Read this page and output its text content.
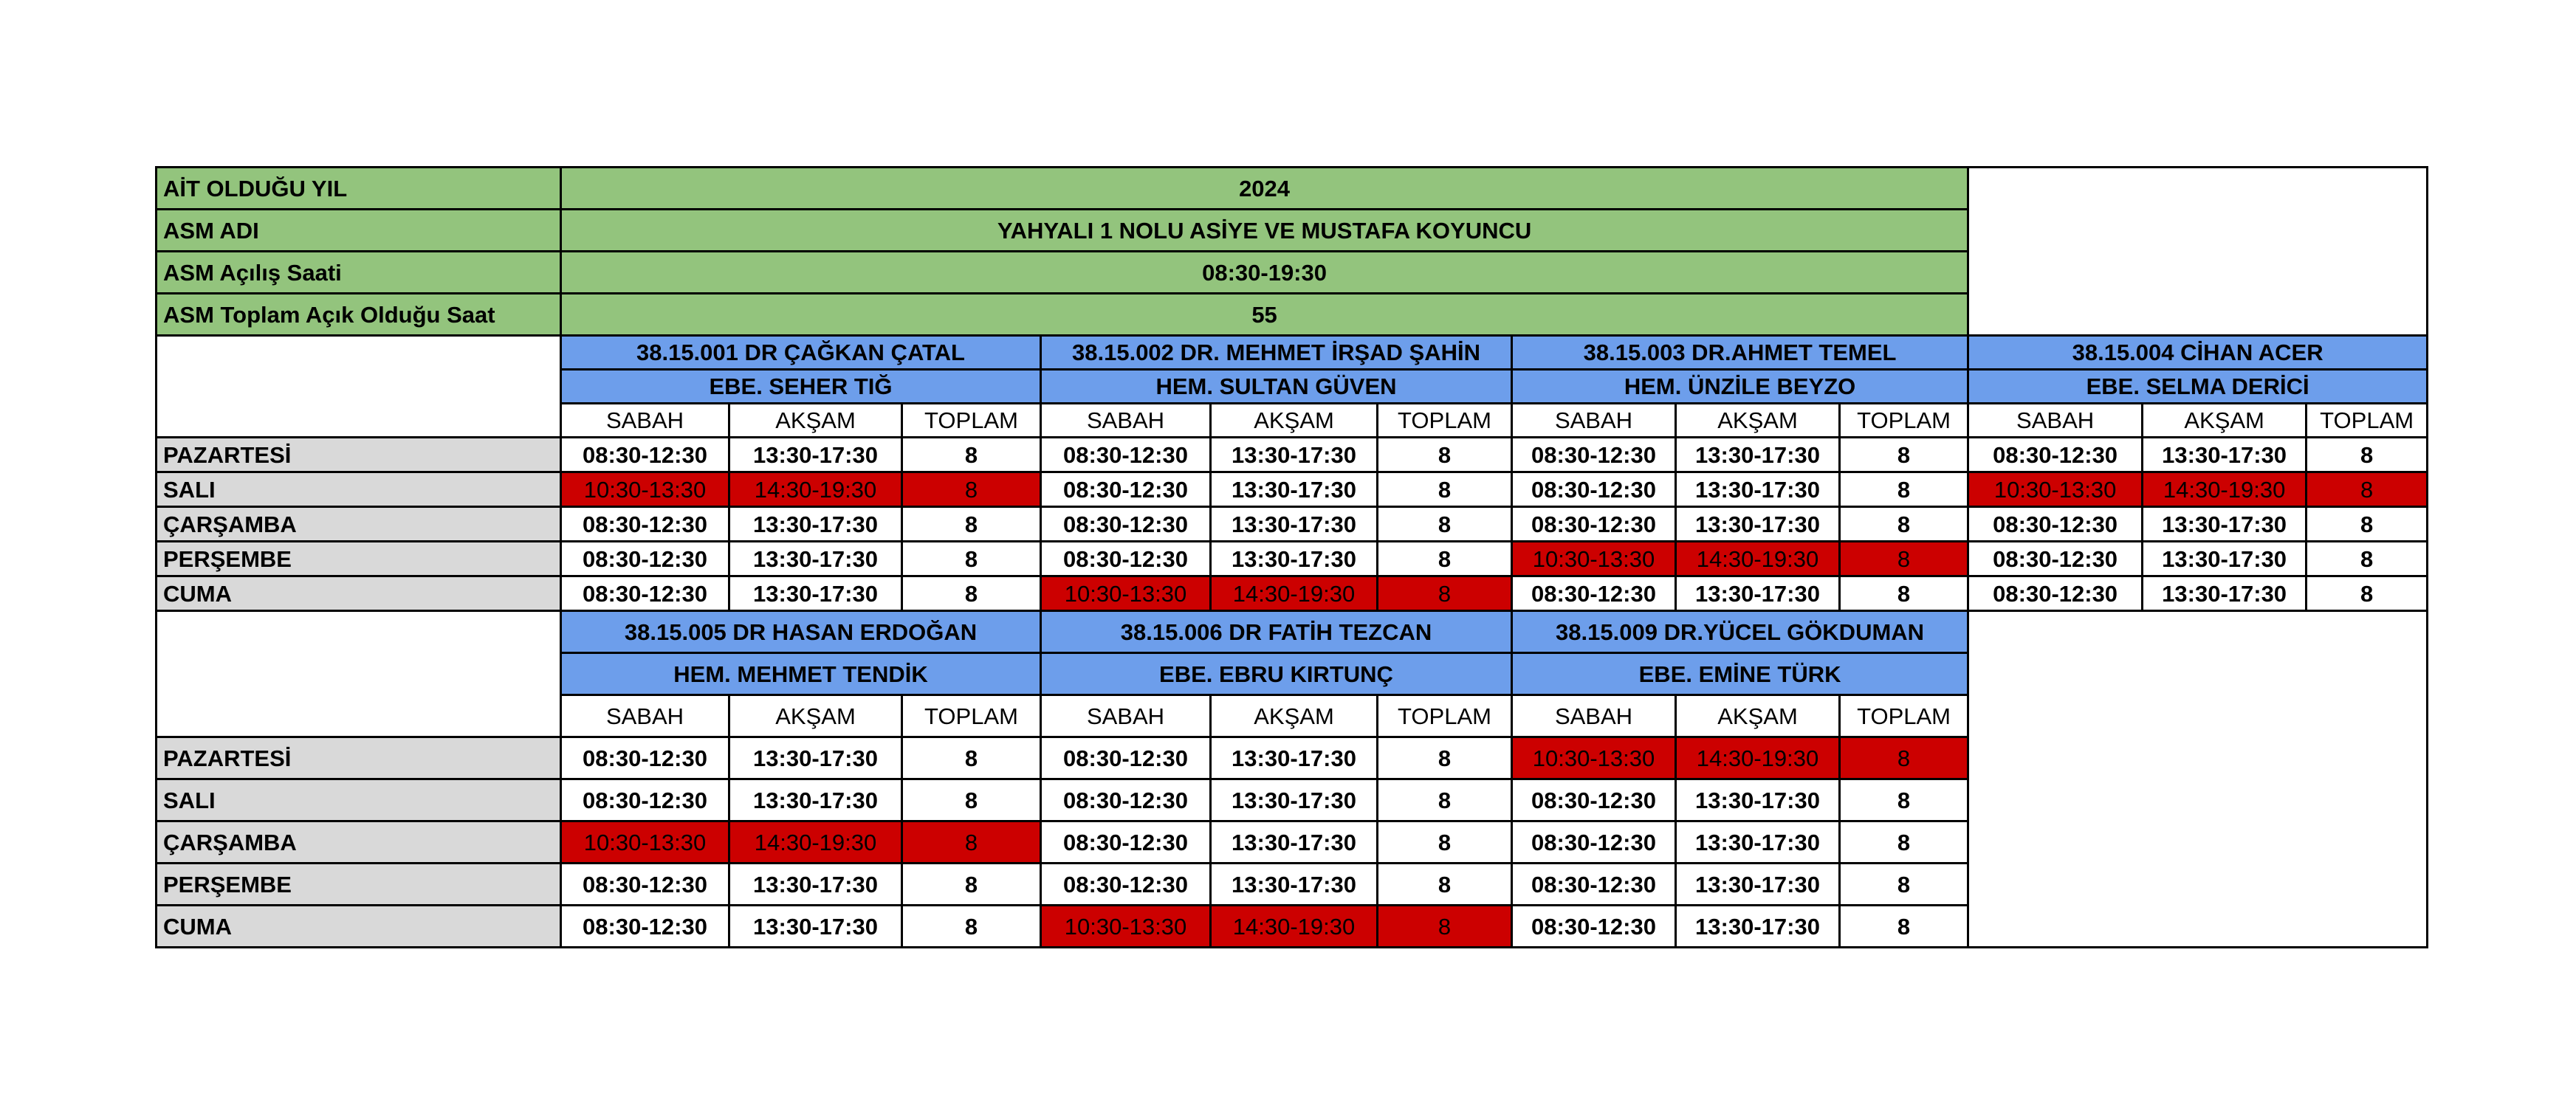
AİT OLDUĞU YIL	2024											
ASM ADI	YAHYALI 1 NOLU ASİYE VE MUSTAFA KOYUNCU											
ASM Açılış Saati	08:30-19:30											
ASM Toplam Açık Olduğu Saat	55											
	38.15.001 DR ÇAĞKAN ÇATAL			38.15.002 DR. MEHMET İRŞAD ŞAHİN			38.15.003 DR.AHMET TEMEL			38.15.004 CİHAN ACER		
	EBE. SEHER TIĞ			HEM. SULTAN GÜVEN			HEM. ÜNZİLE BEYZO			EBE. SELMA DERİCİ		
	SABAH	AKŞAM	TOPLAM	SABAH	AKŞAM	TOPLAM	SABAH	AKŞAM	TOPLAM	SABAH	AKŞAM	TOPLAM
PAZARTESİ	08:30-12:30	13:30-17:30	8	08:30-12:30	13:30-17:30	8	08:30-12:30	13:30-17:30	8	08:30-12:30	13:30-17:30	8
SALI	10:30-13:30	14:30-19:30	8	08:30-12:30	13:30-17:30	8	08:30-12:30	13:30-17:30	8	10:30-13:30	14:30-19:30	8
ÇARŞAMBA	08:30-12:30	13:30-17:30	8	08:30-12:30	13:30-17:30	8	08:30-12:30	13:30-17:30	8	08:30-12:30	13:30-17:30	8
PERŞEMBE	08:30-12:30	13:30-17:30	8	08:30-12:30	13:30-17:30	8	10:30-13:30	14:30-19:30	8	08:30-12:30	13:30-17:30	8
CUMA	08:30-12:30	13:30-17:30	8	10:30-13:30	14:30-19:30	8	08:30-12:30	13:30-17:30	8	08:30-12:30	13:30-17:30	8
	38.15.005 DR HASAN ERDOĞAN			38.15.006 DR FATİH TEZCAN			38.15.009 DR.YÜCEL GÖKDUMAN					
	HEM. MEHMET TENDİK			EBE. EBRU KIRTUNÇ			EBE. EMİNE TÜRK					
	SABAH	AKŞAM	TOPLAM	SABAH	AKŞAM	TOPLAM	SABAH	AKŞAM	TOPLAM			
PAZARTESİ	08:30-12:30	13:30-17:30	8	08:30-12:30	13:30-17:30	8	10:30-13:30	14:30-19:30	8			
SALI	08:30-12:30	13:30-17:30	8	08:30-12:30	13:30-17:30	8	08:30-12:30	13:30-17:30	8			
ÇARŞAMBA	10:30-13:30	14:30-19:30	8	08:30-12:30	13:30-17:30	8	08:30-12:30	13:30-17:30	8			
PERŞEMBE	08:30-12:30	13:30-17:30	8	08:30-12:30	13:30-17:30	8	08:30-12:30	13:30-17:30	8			
CUMA	08:30-12:30	13:30-17:30	8	10:30-13:30	14:30-19:30	8	08:30-12:30	13:30-17:30	8			
